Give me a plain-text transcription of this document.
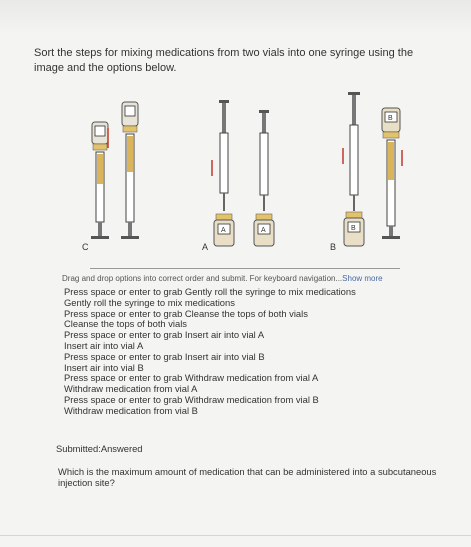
Sort the steps for mixing medications from two vials into one syringe using the image and the options below.
C
A	A
A
B
B
B
Drag and drop options into correct order and submit. For keyboard navigation...Show more
Press space or enter to grab Gently roll the syringe to mix medications
Gently roll the syringe to mix medications
Press space or enter to grab Cleanse the tops of both vials
Cleanse the tops of both vials
Press space or enter to grab Insert air into vial A
Insert air into vial A
Press space or enter to grab Insert air into vial B
Insert air into vial B
Press space or enter to grab Withdraw medication from vial A
Withdraw medication from vial A
Press space or enter to grab Withdraw medication from vial B
Withdraw medication from vial B
Submitted:Answered
Which is the maximum amount of medication that can be administered into a subcutaneous injection site?
